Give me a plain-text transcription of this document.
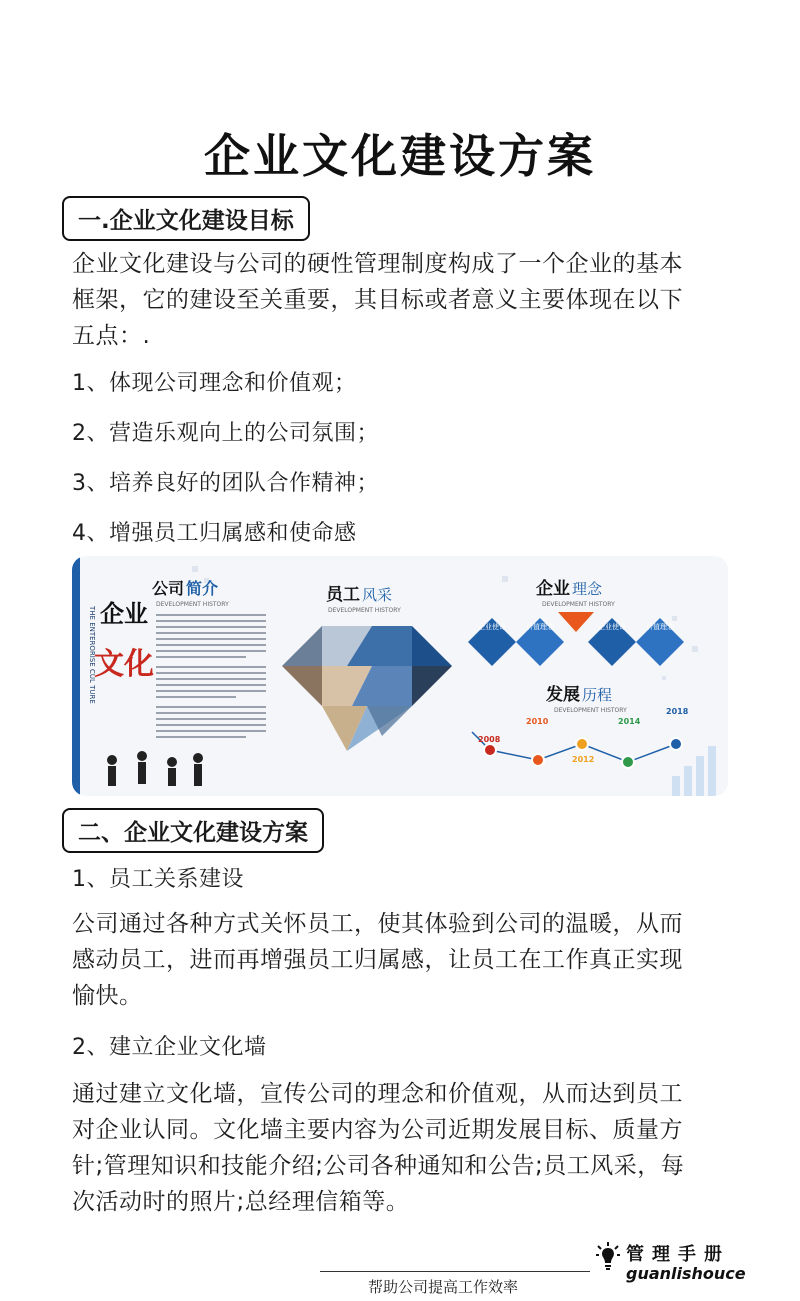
企业文化建设方案
一.企业文化建设目标
企业文化建设与公司的硬性管理制度构成了一个企业的基本
框架，它的建设至关重要，其目标或者意义主要体现在以下
五点：.
1、体现公司理念和价值观；
2、营造乐观向上的公司氛围；
3、培养良好的团队合作精神；
4、增强员工归属感和使命感
企业
文化
THE ENTERORISE CUL TURE
公司 简介
DEVELOPMENT HISTORY	员工 风采
DEVELOPMENT HISTORY
企业 理念
DEVELOPMENT HISTORY
企业使命	价值理念	企业使命	价值理念
发展 历程
DEVELOPMENT HISTORY
2008
2010
2012
2014
2018
二、企业文化建设方案
1、员工关系建设
公司通过各种方式关怀员工，使其体验到公司的温暖，从而
感动员工，进而再增强员工归属感，让员工在工作真正实现
愉快。
2、建立企业文化墙
通过建立文化墙，宣传公司的理念和价值观，从而达到员工
对企业认同。文化墙主要内容为公司近期发展目标、质量方
针;管理知识和技能介绍;公司各种通知和公告;员工风采，每
次活动时的照片;总经理信箱等。
帮助公司提高工作效率
管理手册
guanlishouce
